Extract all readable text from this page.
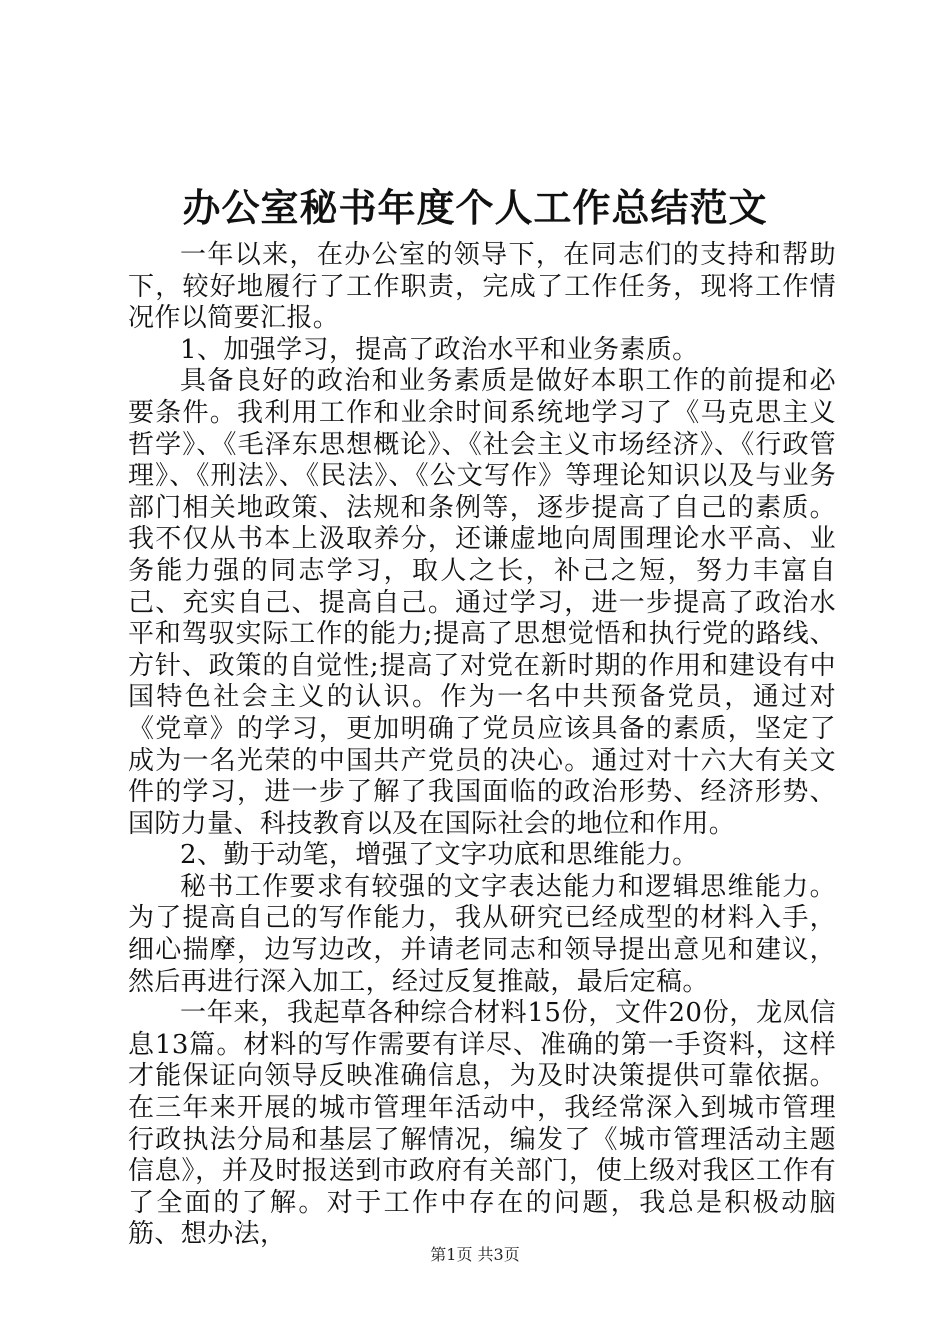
办公室秘书年度个人工作总结范文

一年以来，在办公室的领导下，在同志们的支持和帮助下，较好地履行了工作职责，完成了工作任务，现将工作情况作以简要汇报。

1、加强学习，提高了政治水平和业务素质。

具备良好的政治和业务素质是做好本职工作的前提和必要条件。我利用工作和业余时间系统地学习了《马克思主义哲学》、《毛泽东思想概论》、《社会主义市场经济》、《行政管理》、《刑法》、《民法》、《公文写作》等理论知识以及与业务部门相关地政策、法规和条例等，逐步提高了自己的素质。我不仅从书本上汲取养分，还谦虚地向周围理论水平高、业务能力强的同志学习，取人之长，补己之短，努力丰富自己、充实自己、提高自己。通过学习，进一步提高了政治水平和驾驭实际工作的能力;提高了思想觉悟和执行党的路线、方针、政策的自觉性;提高了对党在新时期的作用和建设有中国特色社会主义的认识。作为一名中共预备党员，通过对《党章》的学习，更加明确了党员应该具备的素质，坚定了成为一名光荣的中国共产党员的决心。通过对十六大有关文件的学习，进一步了解了我国面临的政治形势、经济形势、国防力量、科技教育以及在国际社会的地位和作用。

2、勤于动笔，增强了文字功底和思维能力。

秘书工作要求有较强的文字表达能力和逻辑思维能力。为了提高自己的写作能力，我从研究已经成型的材料入手，细心揣摩，边写边改，并请老同志和领导提出意见和建议，然后再进行深入加工，经过反复推敲，最后定稿。

一年来，我起草各种综合材料15份，文件20份，龙凤信息13篇。材料的写作需要有详尽、准确的第一手资料，这样才能保证向领导反映准确信息，为及时决策提供可靠依据。在三年来开展的城市管理年活动中，我经常深入到城市管理行政执法分局和基层了解情况，编发了《城市管理活动主题信息》，并及时报送到市政府有关部门，使上级对我区工作有了全面的了解。对于工作中存在的问题，我总是积极动脑筋、想办法，

第1页 共3页
